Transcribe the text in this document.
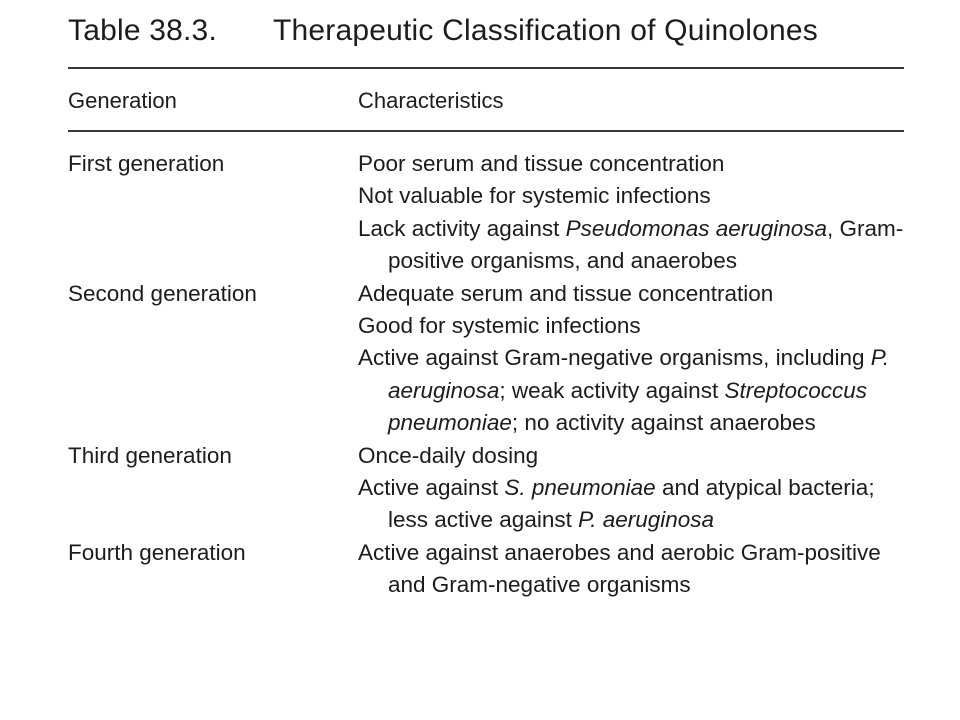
Table 38.3. Therapeutic Classification of Quinolones
Generation	Characteristics
First generation	Poor serum and tissue concentration
Not valuable for systemic infections
Lack activity against Pseudomonas aeruginosa, Gram-positive organisms, and anaerobes
Second generation	Adequate serum and tissue concentration
Good for systemic infections
Active against Gram-negative organisms, including P. aeruginosa; weak activity against Streptococcus pneumoniae; no activity against anaerobes
Third generation	Once-daily dosing
Active against S. pneumoniae and atypical bacteria; less active against P. aeruginosa
Fourth generation	Active against anaerobes and aerobic Gram-positive and Gram-negative organisms
